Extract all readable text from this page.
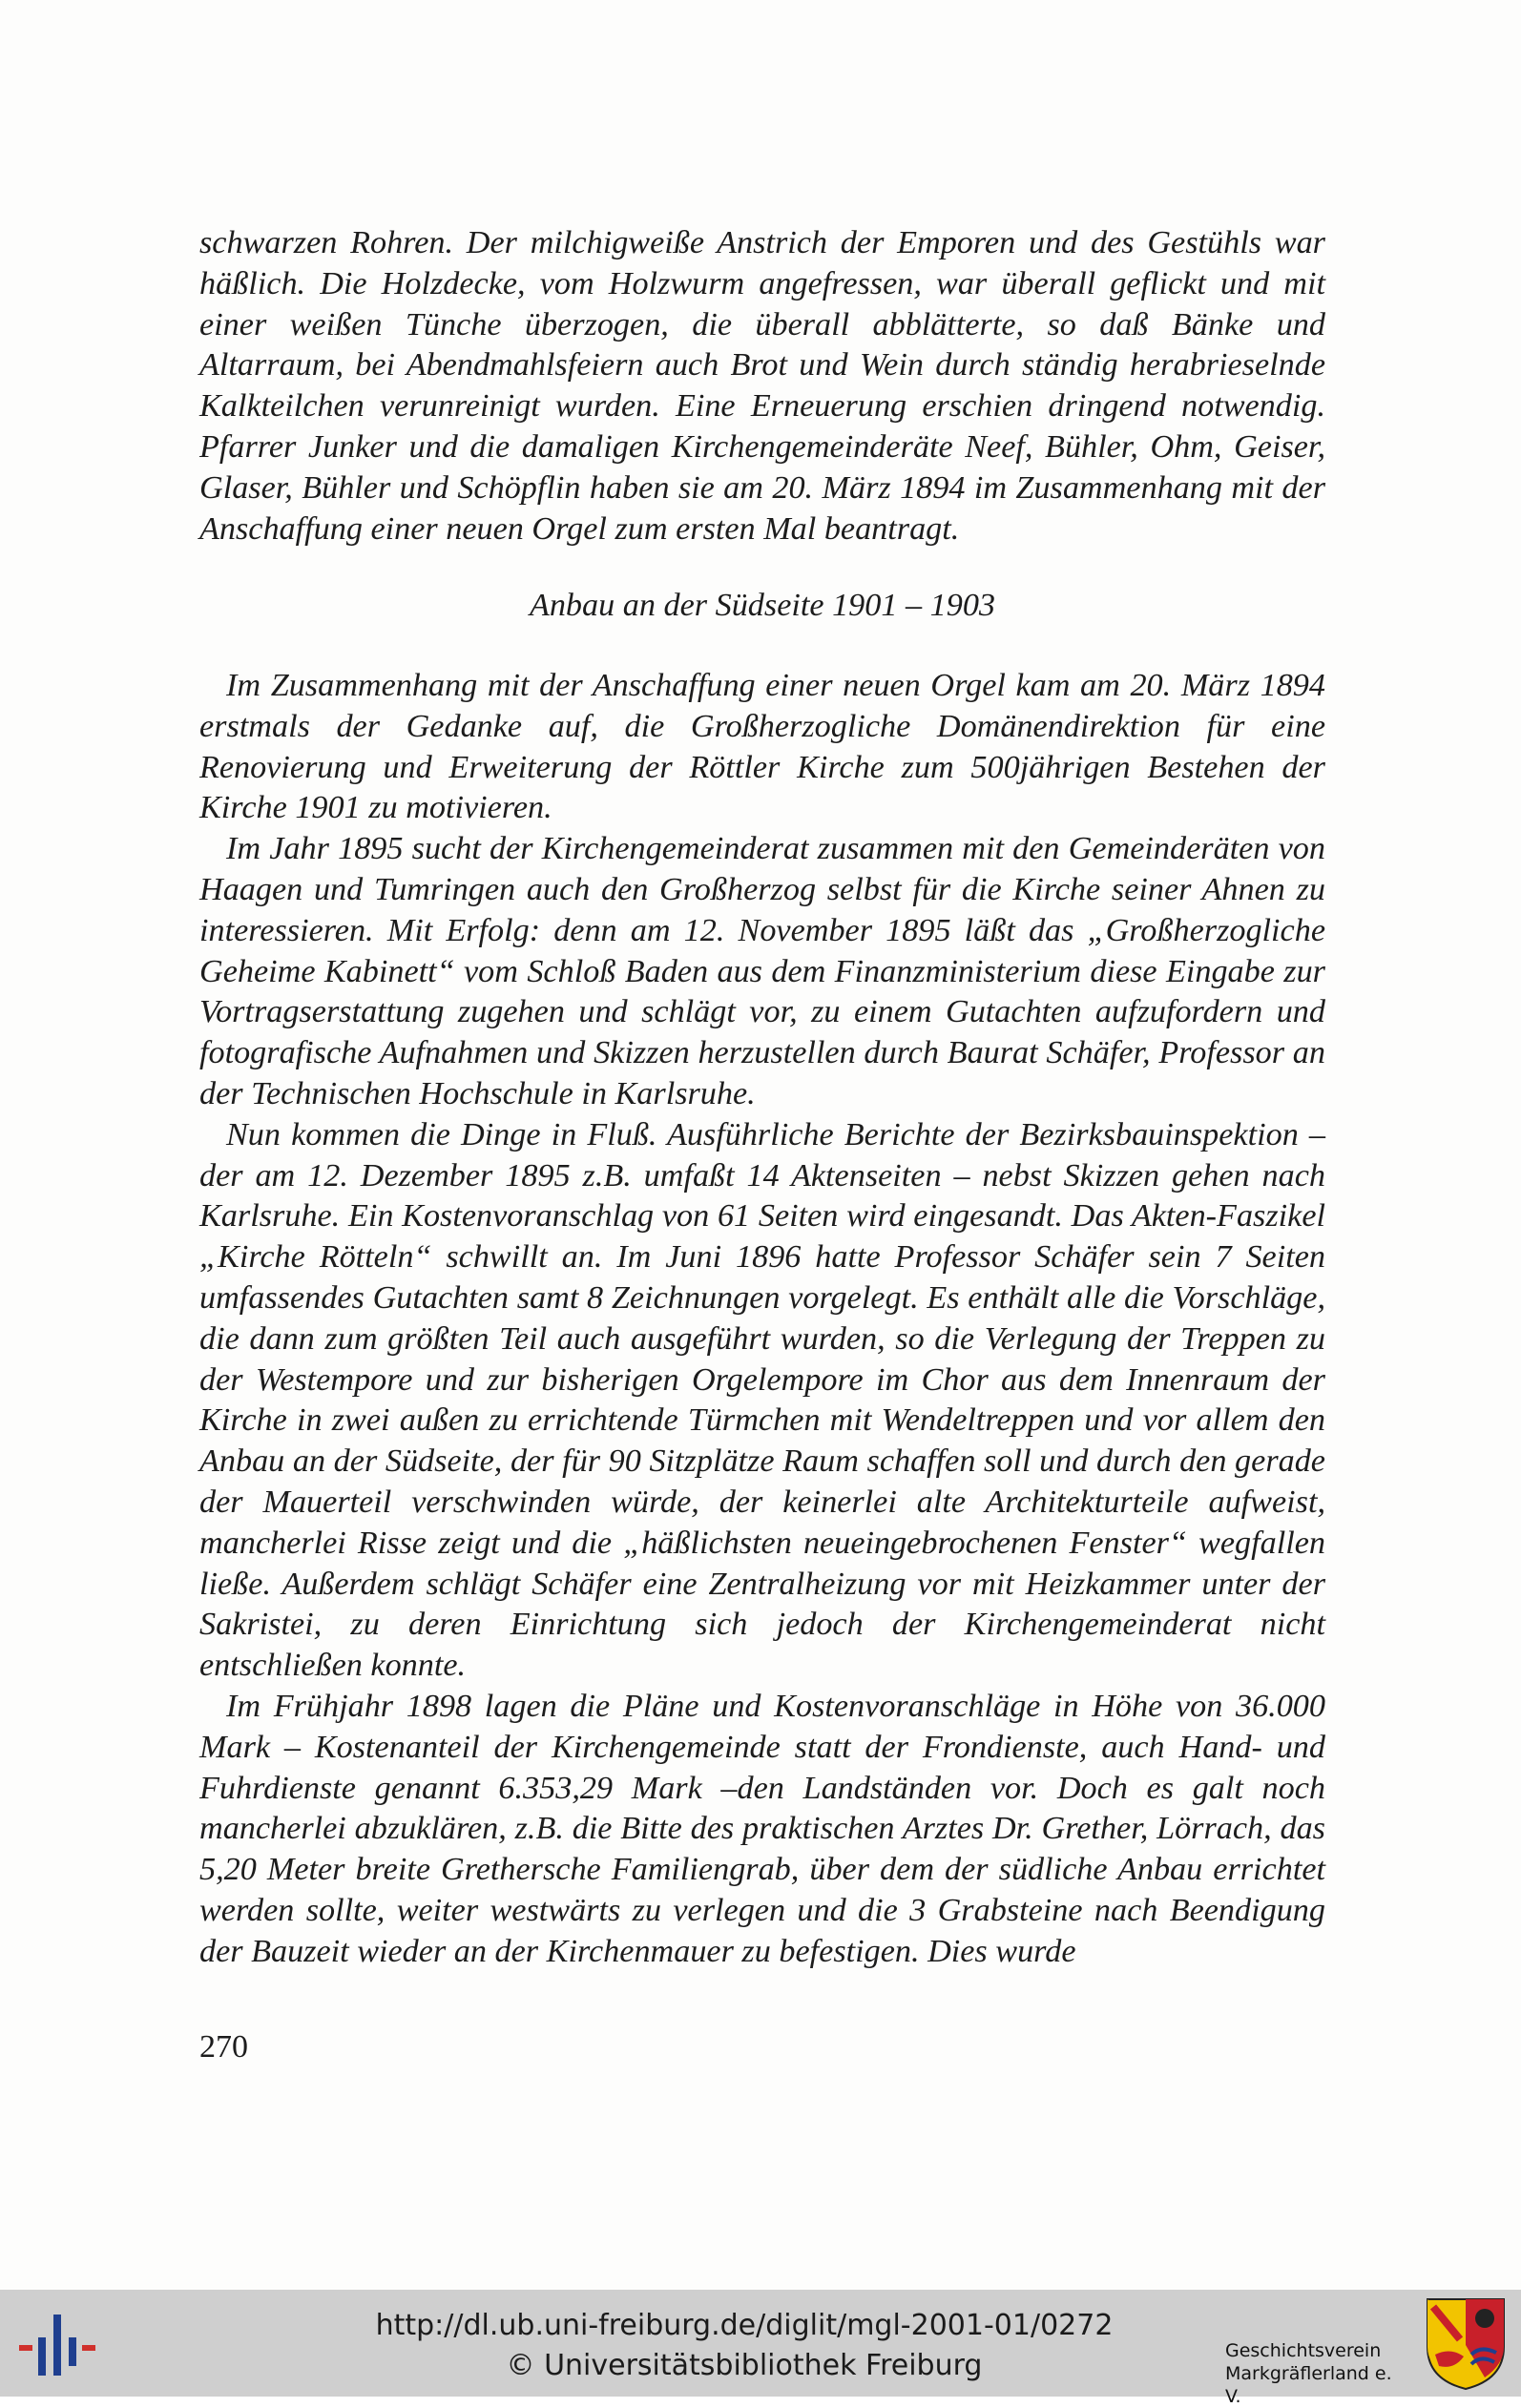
schwarzen Rohren. Der milchigweiße Anstrich der Emporen und des Gestühls war häßlich. Die Holzdecke, vom Holzwurm angefressen, war überall geflickt und mit einer weißen Tünche überzogen, die überall abblätterte, so daß Bänke und Altarraum, bei Abendmahlsfeiern auch Brot und Wein durch ständig herabrieselnde Kalkteilchen verunreinigt wurden. Eine Erneuerung erschien dringend notwendig. Pfarrer Junker und die damaligen Kirchengemeinderäte Neef, Bühler, Ohm, Geiser, Glaser, Bühler und Schöpflin haben sie am 20. März 1894 im Zusammenhang mit der Anschaffung einer neuen Orgel zum ersten Mal beantragt.

Anbau an der Südseite 1901 – 1903

Im Zusammenhang mit der Anschaffung einer neuen Orgel kam am 20. März 1894 erstmals der Gedanke auf, die Großherzogliche Domänendirektion für eine Renovierung und Erweiterung der Röttler Kirche zum 500jährigen Bestehen der Kirche 1901 zu motivieren.

Im Jahr 1895 sucht der Kirchengemeinderat zusammen mit den Gemeinderäten von Haagen und Tumringen auch den Großherzog selbst für die Kirche seiner Ahnen zu interessieren. Mit Erfolg: denn am 12. November 1895 läßt das „Großherzogliche Geheime Kabinett“ vom Schloß Baden aus dem Finanzministerium diese Eingabe zur Vortragserstattung zugehen und schlägt vor, zu einem Gutachten aufzufordern und fotografische Aufnahmen und Skizzen herzustellen durch Baurat Schäfer, Professor an der Technischen Hochschule in Karlsruhe.

Nun kommen die Dinge in Fluß. Ausführliche Berichte der Bezirksbauinspektion – der am 12. Dezember 1895 z.B. umfaßt 14 Aktenseiten – nebst Skizzen gehen nach Karlsruhe. Ein Kostenvoranschlag von 61 Seiten wird eingesandt. Das Akten-Faszikel „Kirche Rötteln“ schwillt an. Im Juni 1896 hatte Professor Schäfer sein 7 Seiten umfassendes Gutachten samt 8 Zeichnungen vorgelegt. Es enthält alle die Vorschläge, die dann zum größten Teil auch ausgeführt wurden, so die Verlegung der Treppen zu der Westempore und zur bisherigen Orgelempore im Chor aus dem Innenraum der Kirche in zwei außen zu errichtende Türmchen mit Wendeltreppen und vor allem den Anbau an der Südseite, der für 90 Sitzplätze Raum schaffen soll und durch den gerade der Mauerteil verschwinden würde, der keinerlei alte Architekturteile aufweist, mancherlei Risse zeigt und die „häßlichsten neueingebrochenen Fenster“ wegfallen ließe. Außerdem schlägt Schäfer eine Zentralheizung vor mit Heizkammer unter der Sakristei, zu deren Einrichtung sich jedoch der Kirchengemeinderat nicht entschließen konnte.

Im Frühjahr 1898 lagen die Pläne und Kostenvoranschläge in Höhe von 36.000 Mark – Kostenanteil der Kirchengemeinde statt der Frondienste, auch Hand- und Fuhrdienste genannt 6.353,29 Mark –den Landständen vor. Doch es galt noch mancherlei abzuklären, z.B. die Bitte des praktischen Arztes Dr. Grether, Lörrach, das 5,20 Meter breite Grethersche Familiengrab, über dem der südliche Anbau errichtet werden sollte, weiter westwärts zu verlegen und die 3 Grabsteine nach Beendigung der Bauzeit wieder an der Kirchenmauer zu befestigen. Dies wurde

270
http://dl.ub.uni-freiburg.de/diglit/mgl-2001-01/0272
© Universitätsbibliothek Freiburg	Geschichtsverein
Markgräflerland e. V.
